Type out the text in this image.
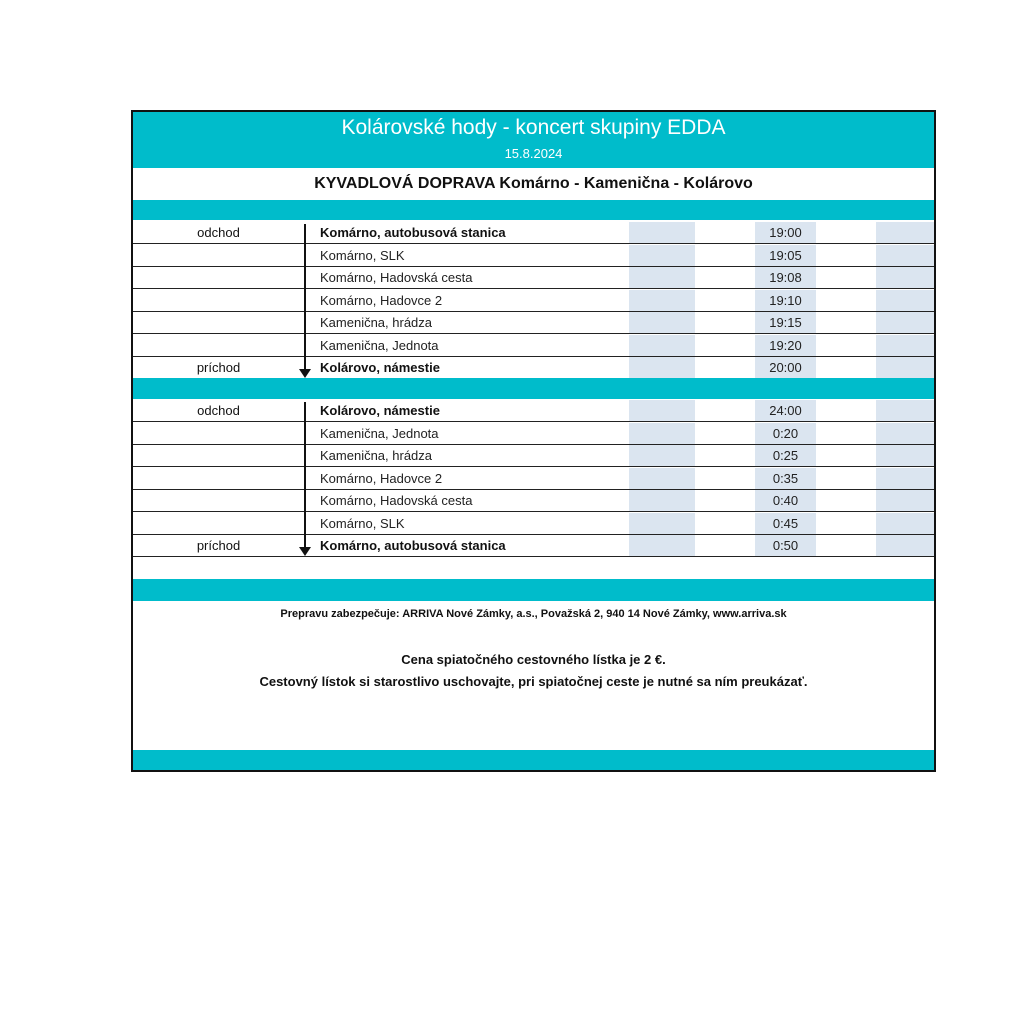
Kolárovské hody - koncert skupiny EDDA
15.8.2024
KYVADLOVÁ DOPRAVA Komárno - Kamenična - Kolárovo
odchod	Komárno, autobusová stanica	19:00
Komárno, SLK	19:05
Komárno, Hadovská cesta	19:08
Komárno, Hadovce 2	19:10
Kamenična, hrádza	19:15
Kamenična, Jednota	19:20
príchod	Kolárovo, námestie	20:00
odchod	Kolárovo, námestie	24:00
Kamenična, Jednota	0:20
Kamenična, hrádza	0:25
Komárno, Hadovce 2	0:35
Komárno, Hadovská cesta	0:40
Komárno, SLK	0:45
príchod	Komárno, autobusová stanica	0:50
Prepravu zabezpečuje: ARRIVA Nové Zámky, a.s., Považská 2, 940 14 Nové Zámky, www.arriva.sk
Cena spiatočného cestovného lístka je 2 €.
Cestovný lístok si starostlivo uschovajte, pri spiatočnej ceste je nutné sa ním preukázať.
